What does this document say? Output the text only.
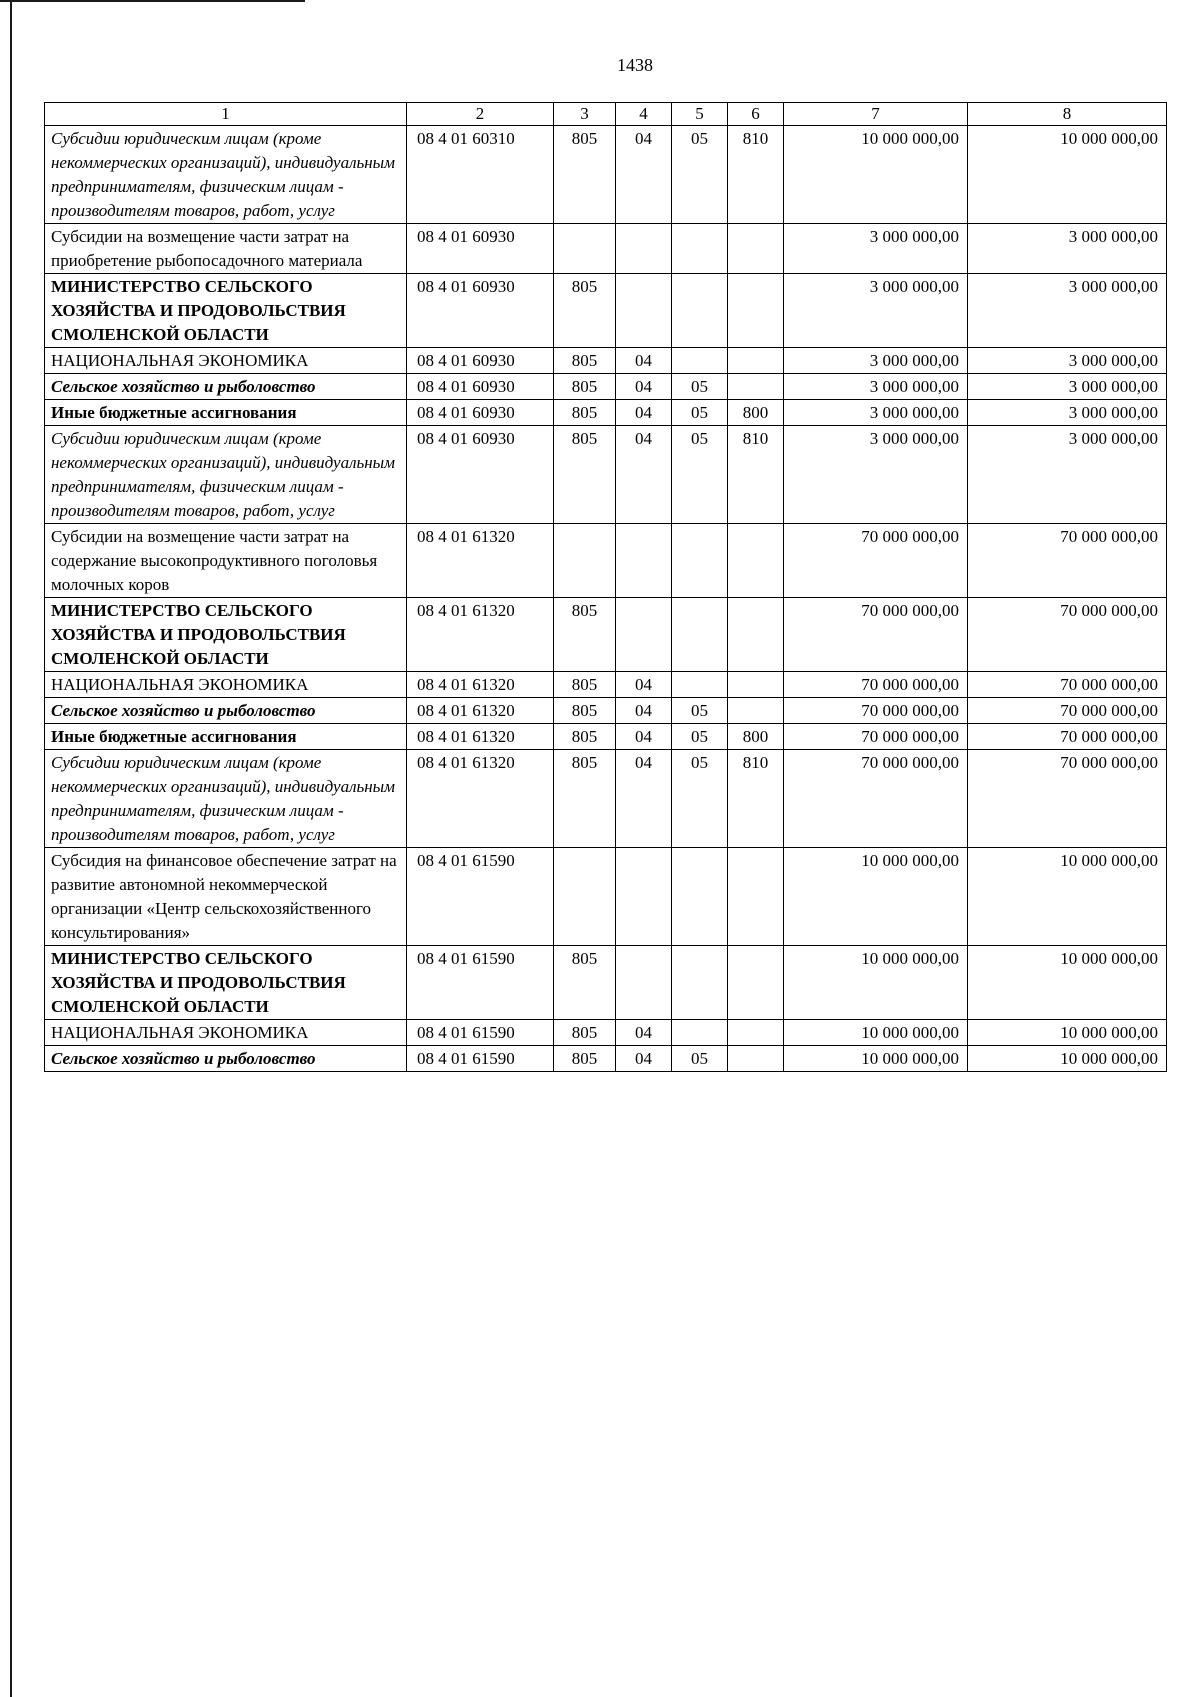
1438
1	2	3	4	5	6	7	8
Субсидии юридическим лицам (кроме некоммерческих организаций), индивидуальным предпринимателям, физическим лицам - производителям товаров, работ, услуг	08 4 01 60310	805	04	05	810	10 000 000,00	10 000 000,00
Субсидии на возмещение части затрат на приобретение рыбопосадочного материала	08 4 01 60930					3 000 000,00	3 000 000,00
МИНИСТЕРСТВО СЕЛЬСКОГО ХОЗЯЙСТВА И ПРОДОВОЛЬСТВИЯ СМОЛЕНСКОЙ ОБЛАСТИ	08 4 01 60930	805				3 000 000,00	3 000 000,00
НАЦИОНАЛЬНАЯ ЭКОНОМИКА	08 4 01 60930	805	04			3 000 000,00	3 000 000,00
Сельское хозяйство и рыболовство	08 4 01 60930	805	04	05		3 000 000,00	3 000 000,00
Иные бюджетные ассигнования	08 4 01 60930	805	04	05	800	3 000 000,00	3 000 000,00
Субсидии юридическим лицам (кроме некоммерческих организаций), индивидуальным предпринимателям, физическим лицам - производителям товаров, работ, услуг	08 4 01 60930	805	04	05	810	3 000 000,00	3 000 000,00
Субсидии на возмещение части затрат на содержание высокопродуктивного поголовья молочных коров	08 4 01 61320					70 000 000,00	70 000 000,00
МИНИСТЕРСТВО СЕЛЬСКОГО ХОЗЯЙСТВА И ПРОДОВОЛЬСТВИЯ СМОЛЕНСКОЙ ОБЛАСТИ	08 4 01 61320	805				70 000 000,00	70 000 000,00
НАЦИОНАЛЬНАЯ ЭКОНОМИКА	08 4 01 61320	805	04			70 000 000,00	70 000 000,00
Сельское хозяйство и рыболовство	08 4 01 61320	805	04	05		70 000 000,00	70 000 000,00
Иные бюджетные ассигнования	08 4 01 61320	805	04	05	800	70 000 000,00	70 000 000,00
Субсидии юридическим лицам (кроме некоммерческих организаций), индивидуальным предпринимателям, физическим лицам - производителям товаров, работ, услуг	08 4 01 61320	805	04	05	810	70 000 000,00	70 000 000,00
Субсидия на финансовое обеспечение затрат на развитие автономной некоммерческой организации «Центр сельскохозяйственного консультирования»	08 4 01 61590					10 000 000,00	10 000 000,00
МИНИСТЕРСТВО СЕЛЬСКОГО ХОЗЯЙСТВА И ПРОДОВОЛЬСТВИЯ СМОЛЕНСКОЙ ОБЛАСТИ	08 4 01 61590	805				10 000 000,00	10 000 000,00
НАЦИОНАЛЬНАЯ ЭКОНОМИКА	08 4 01 61590	805	04			10 000 000,00	10 000 000,00
Сельское хозяйство и рыболовство	08 4 01 61590	805	04	05		10 000 000,00	10 000 000,00
